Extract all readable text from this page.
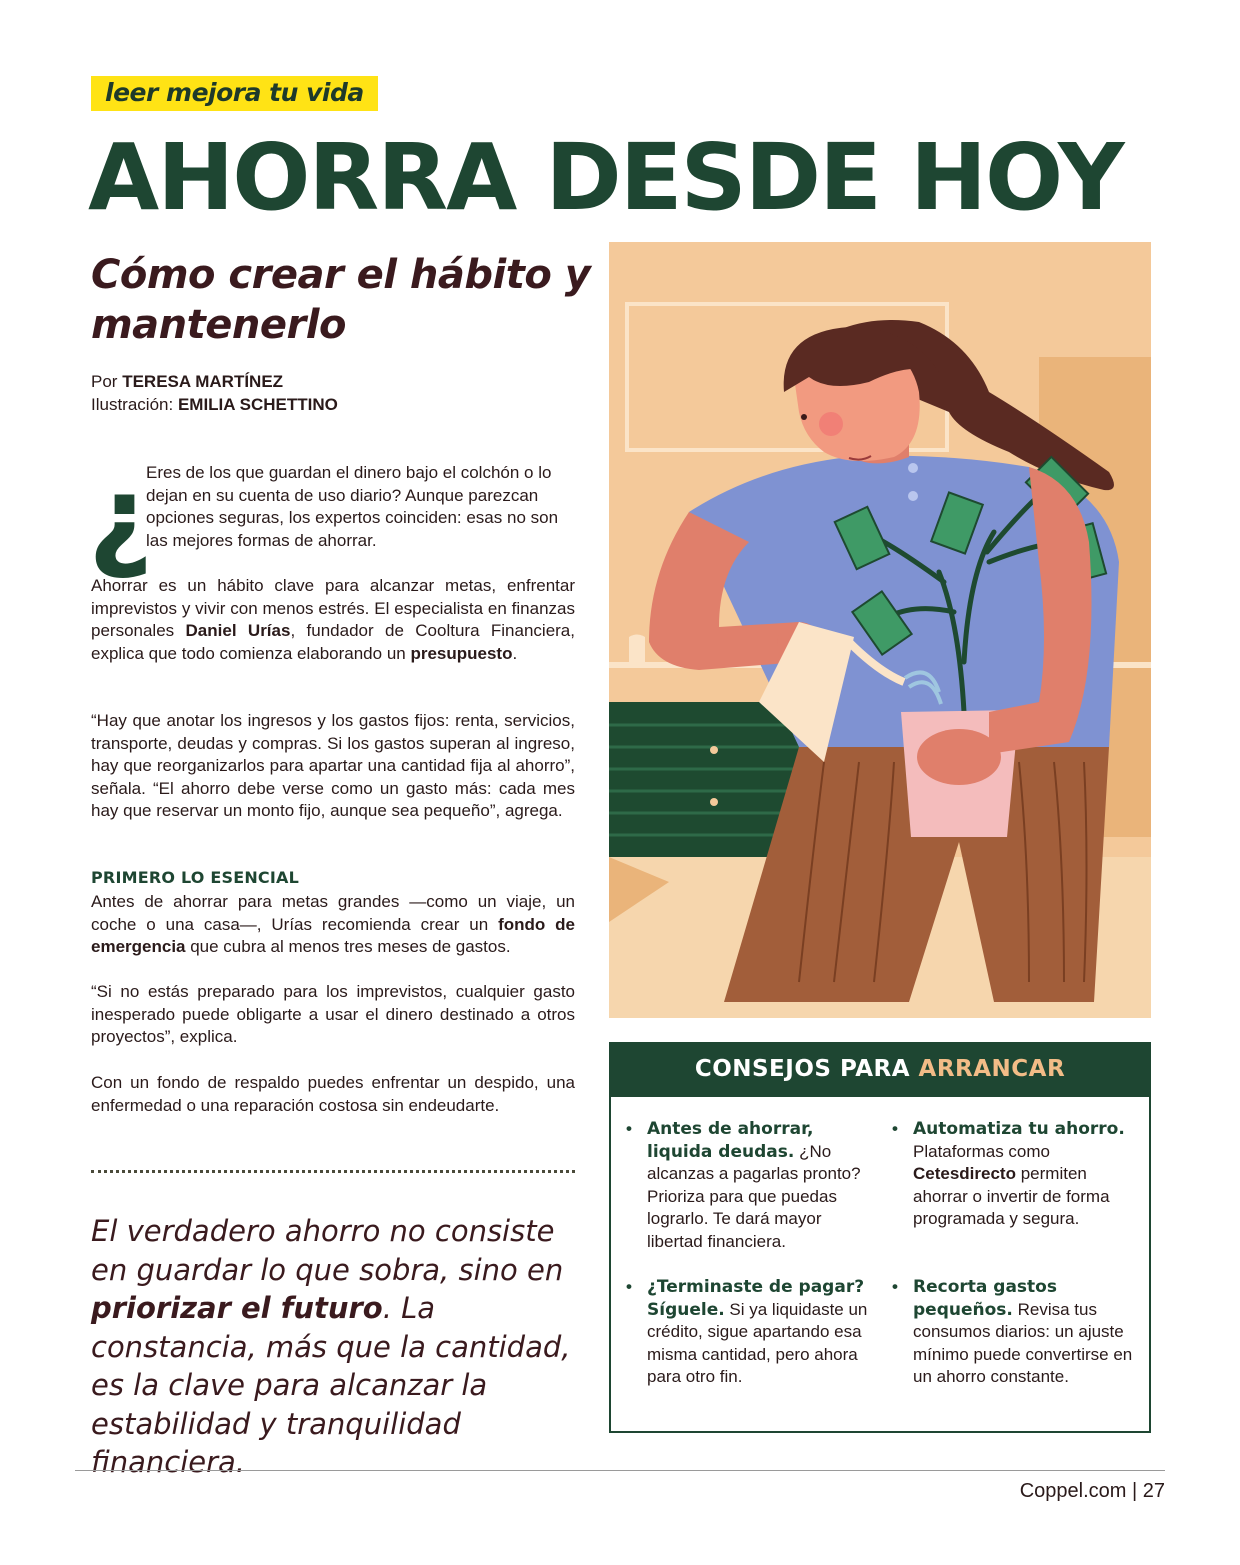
leer mejora tu vida
AHORRA DESDE HOY
Cómo crear el hábito y mantenerlo
Por TERESA MARTÍNEZ
Ilustración: EMILIA SCHETTINO
¿
Eres de los que guardan el dinero bajo el colchón o lo dejan en su cuenta de uso diario? Aunque parezcan opciones seguras, los expertos coinciden: esas no son las mejores formas de ahorrar.
Ahorrar es un hábito clave para alcanzar metas, enfrentar imprevistos y vivir con menos estrés. El especialista en finanzas personales Daniel Urías, fundador de Cooltura Financiera, explica que todo comienza elaborando un presupuesto.
“Hay que anotar los ingresos y los gastos fijos: renta, servicios, transporte, deudas y compras. Si los gastos superan al ingreso, hay que reorganizarlos para apartar una cantidad fija al ahorro”, señala. “El ahorro debe verse como un gasto más: cada mes hay que reservar un monto fijo, aunque sea pequeño”, agrega.
PRIMERO LO ESENCIAL
Antes de ahorrar para metas grandes —como un viaje, un coche o una casa—, Urías recomienda crear un fondo de emergencia que cubra al menos tres meses de gastos.
“Si no estás preparado para los imprevistos, cualquier gasto inesperado puede obligarte a usar el dinero destinado a otros proyectos”, explica.
Con un fondo de respaldo puedes enfrentar un despido, una enfermedad o una reparación costosa sin endeudarte.
El verdadero ahorro no consiste en guardar lo que sobra, sino en priorizar el futuro. La constancia, más que la cantidad, es la clave para alcanzar la estabilidad y tranquilidad financiera.
CONSEJOS PARA ARRANCAR
• Antes de ahorrar, liquida deudas. ¿No alcanzas a pagarlas pronto? Prioriza para que puedas lograrlo. Te dará mayor libertad financiera.
• Automatiza tu ahorro. Plataformas como Cetesdirecto permiten ahorrar o invertir de forma programada y segura.
• ¿Terminaste de pagar? Síguele. Si ya liquidaste un crédito, sigue apartando esa misma cantidad, pero ahora para otro fin.
• Recorta gastos pequeños. Revisa tus consumos diarios: un ajuste mínimo puede convertirse en un ahorro constante.
Coppel.com | 27
